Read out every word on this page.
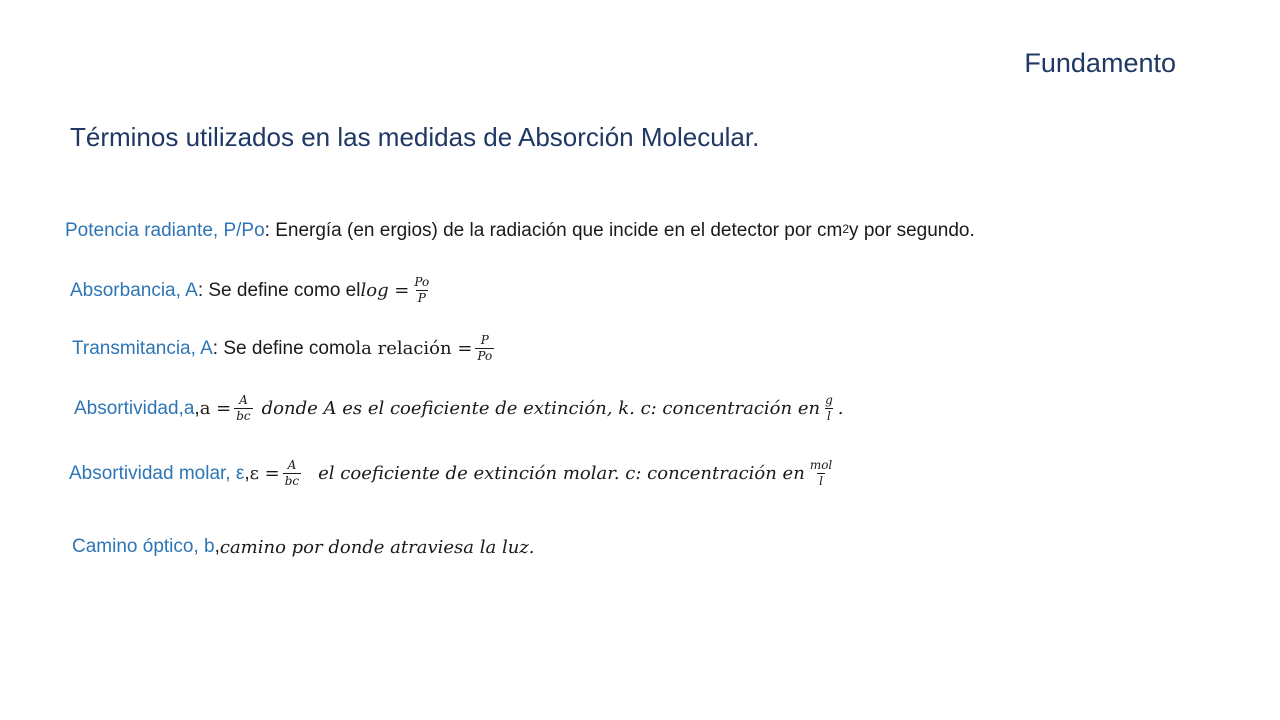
Fundamento
Términos utilizados en las medidas de Absorción Molecular.
Potencia radiante, P/Po : Energía (en ergios) de la radiación que incide en el detector por $cm^2$ y por segundo.
Absorbancia, A : Se define como el $\log = \frac{Po}{P}$
Transmitancia, A : Se define como la relación = $\frac{P}{Po}$
Absortividad,a , $a = \frac{A}{bc}$ donde A es el coeficiente de extinción, k. c: concentración en $\frac{g}{l}$ .
Absortividad molar, ε , $\varepsilon = \frac{A}{bc}$ el coeficiente de extinción molar. c: concentración en $\frac{\text{mol}}{l}$
Camino óptico, b , camino por donde atraviesa la luz.
